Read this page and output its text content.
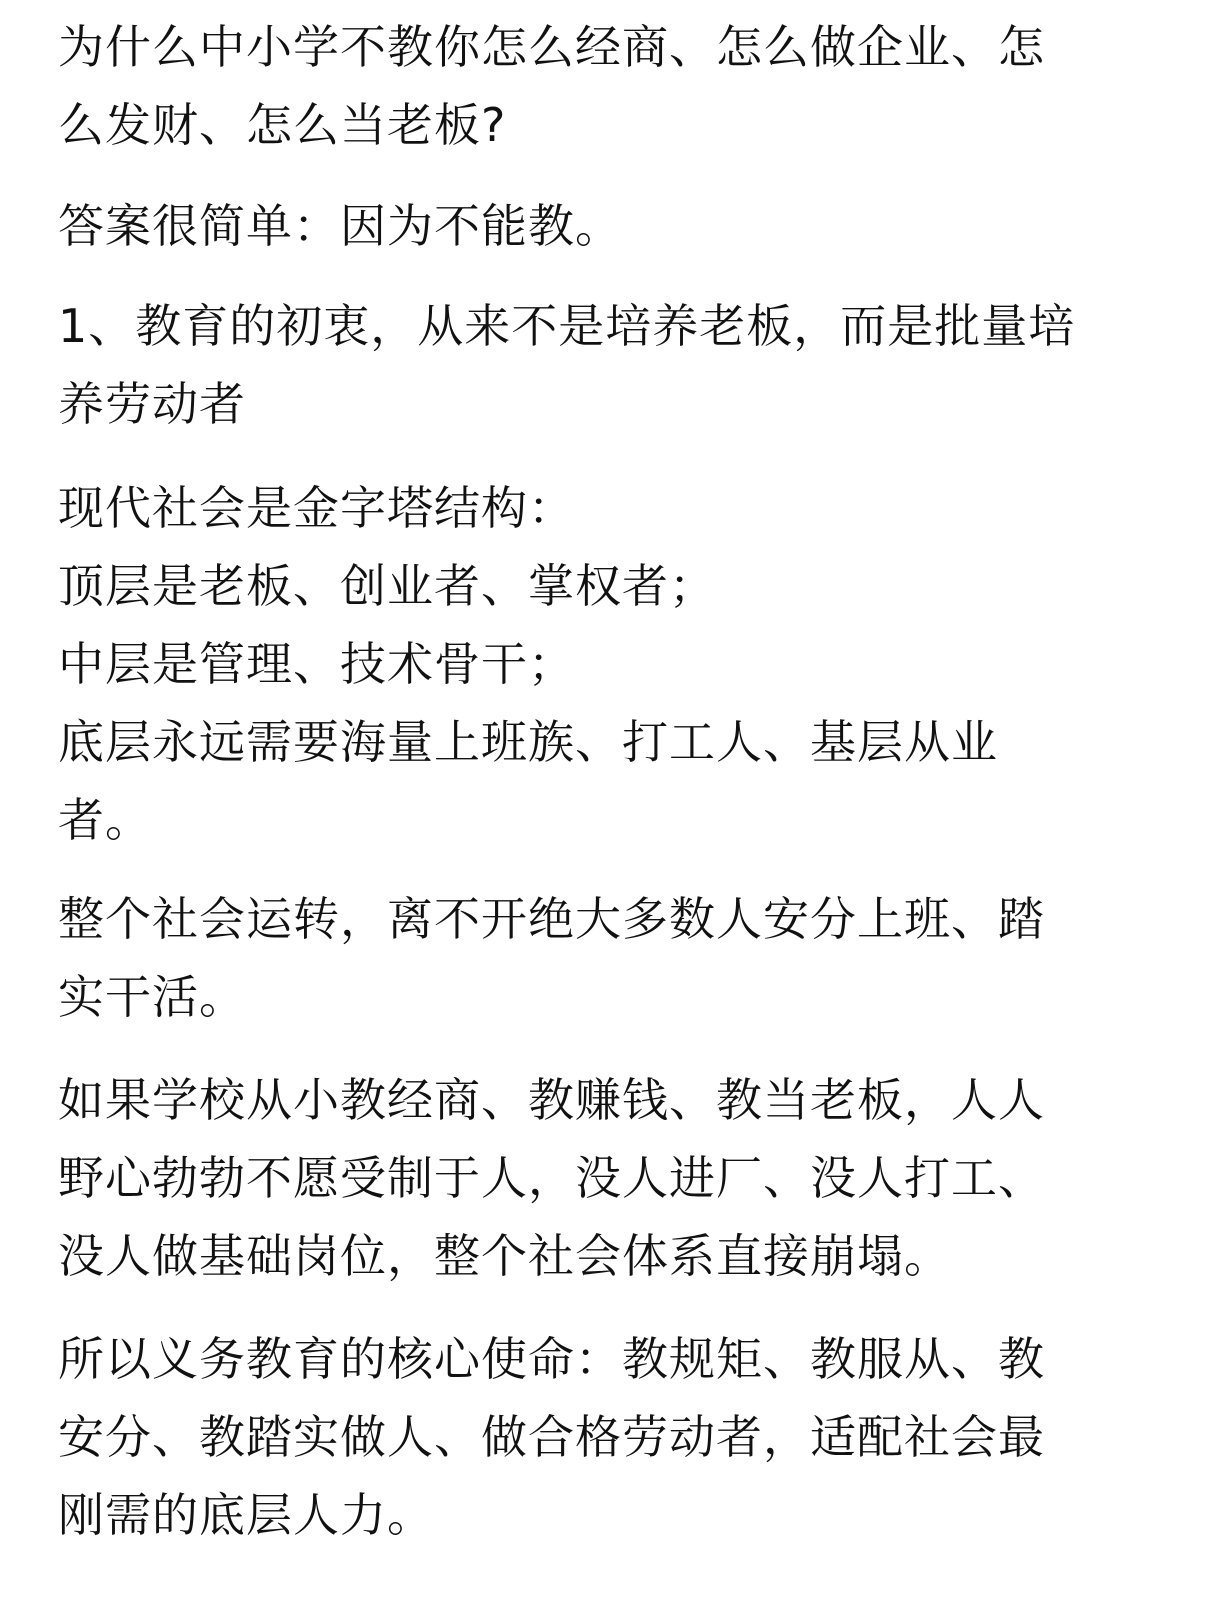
为什么中小学不教你怎么经商、怎么做企业、怎
么发财、怎么当老板?
答案很简单：因为不能教。
1、教育的初衷，从来不是培养老板，而是批量培
养劳动者
现代社会是金字塔结构：
顶层是老板、创业者、掌权者；
中层是管理、技术骨干；
底层永远需要海量上班族、打工人、基层从业
者。
整个社会运转，离不开绝大多数人安分上班、踏
实干活。
如果学校从小教经商、教赚钱、教当老板，人人
野心勃勃不愿受制于人，没人进厂、没人打工、
没人做基础岗位，整个社会体系直接崩塌。
所以义务教育的核心使命：教规矩、教服从、教
安分、教踏实做人、做合格劳动者，适配社会最
刚需的底层人力。
